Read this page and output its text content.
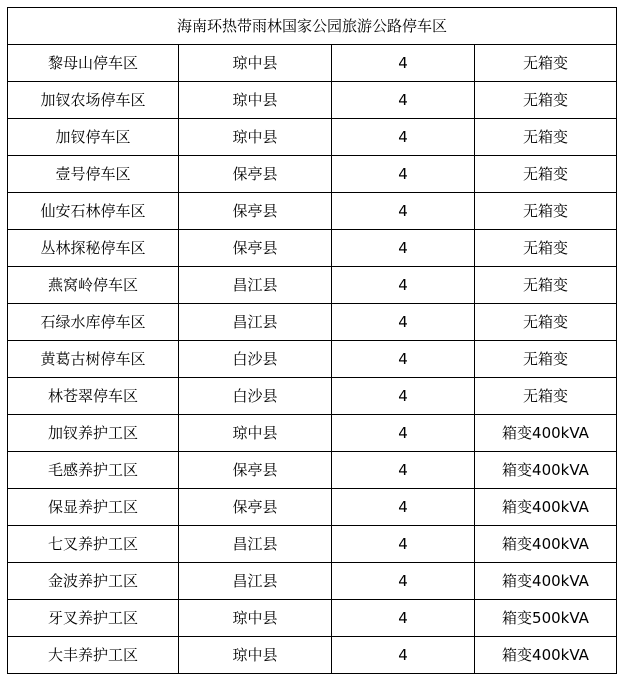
海南环热带雨林国家公园旅游公路停车区			
黎母山停车区	琼中县	4	无箱变
加钗农场停车区	琼中县	4	无箱变
加钗停车区	琼中县	4	无箱变
壹号停车区	保亭县	4	无箱变
仙安石林停车区	保亭县	4	无箱变
丛林探秘停车区	保亭县	4	无箱变
燕窝岭停车区	昌江县	4	无箱变
石绿水库停车区	昌江县	4	无箱变
黄葛古树停车区	白沙县	4	无箱变
林苍翠停车区	白沙县	4	无箱变
加钗养护工区	琼中县	4	箱变400kVA
毛感养护工区	保亭县	4	箱变400kVA
保显养护工区	保亭县	4	箱变400kVA
七叉养护工区	昌江县	4	箱变400kVA
金波养护工区	昌江县	4	箱变400kVA
牙叉养护工区	琼中县	4	箱变500kVA
大丰养护工区	琼中县	4	箱变400kVA
